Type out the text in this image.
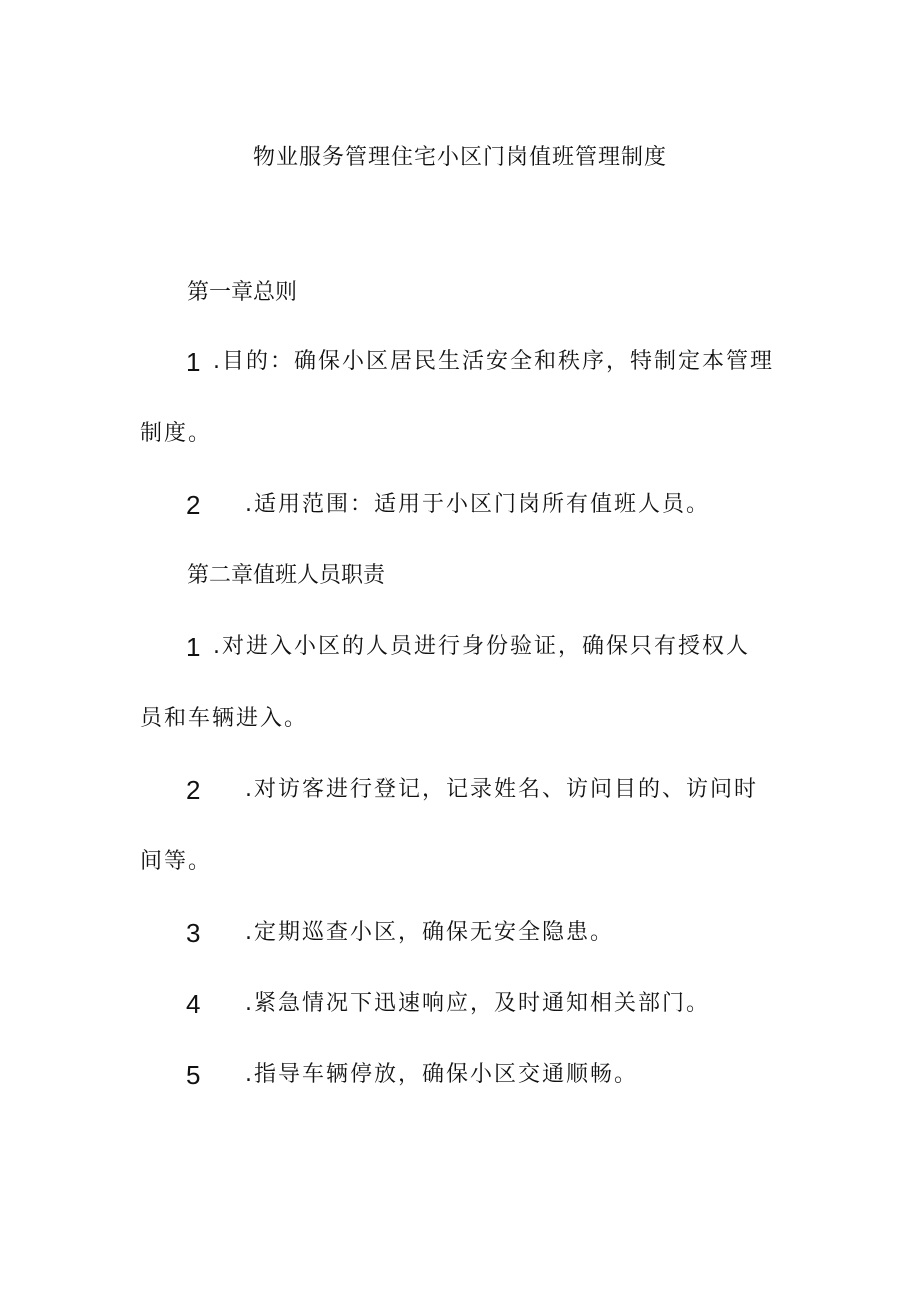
物业服务管理住宅小区门岗值班管理制度
第一章总则
1 .目的：确保小区居民生活安全和秩序，特制定本管理
制度。
2 .适用范围：适用于小区门岗所有值班人员。
第二章值班人员职责
1 .对进入小区的人员进行身份验证，确保只有授权人
员和车辆进入。
2 .对访客进行登记，记录姓名、访问目的、访问时
间等。
3 .定期巡查小区，确保无安全隐患。
4 .紧急情况下迅速响应，及时通知相关部门。
5 .指导车辆停放，确保小区交通顺畅。
